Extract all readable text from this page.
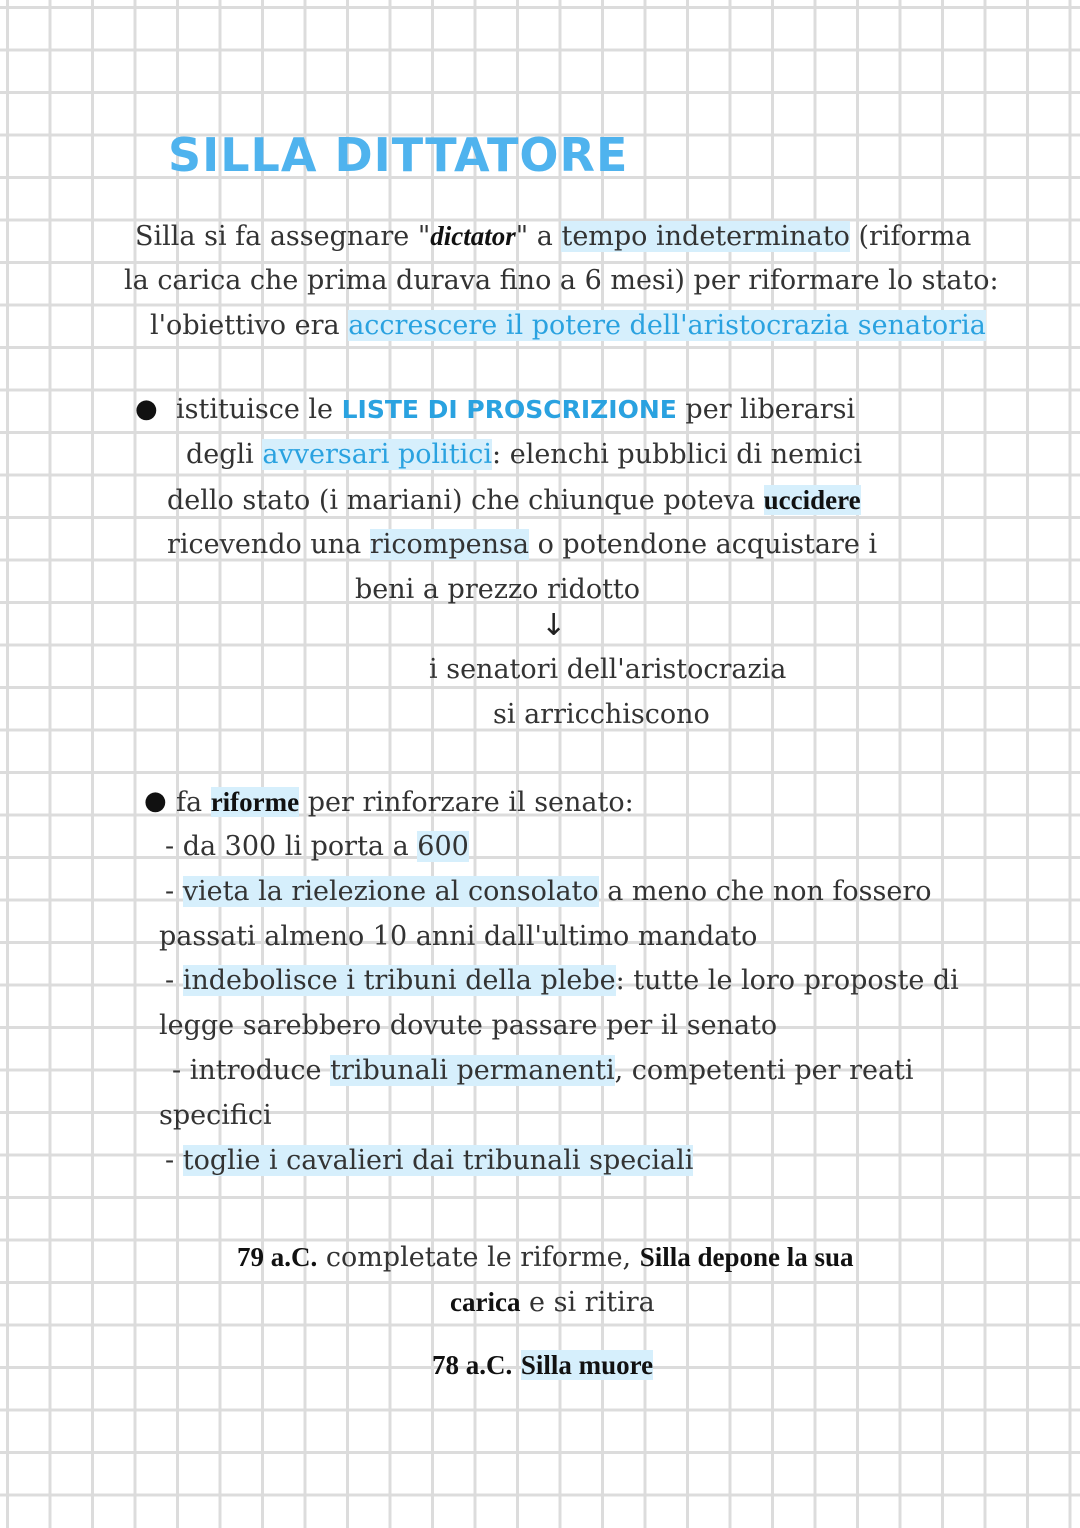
SILLA DITTATORE
Silla si fa assegnare "dictator" a tempo indeterminato (riforma
la carica che prima durava fino a 6 mesi) per riformare lo stato:
l'obiettivo era accrescere il potere dell'aristocrazia senatoria
● istituisce le LISTE DI PROSCRIZIONE per liberarsi
degli avversari politici: elenchi pubblici di nemici
dello stato (i mariani) che chiunque poteva uccidere
ricevendo una ricompensa o potendone acquistare i
beni a prezzo ridotto
↓
i senatori dell'aristocrazia
si arricchiscono
● fa riforme per rinforzare il senato:
- da 300 li porta a 600
- vieta la rielezione al consolato a meno che non fossero
passati almeno 10 anni dall'ultimo mandato
- indebolisce i tribuni della plebe: tutte le loro proposte di
legge sarebbero dovute passare per il senato
- introduce tribunali permanenti, competenti per reati
specifici
- toglie i cavalieri dai tribunali speciali
79 a.C. completate le riforme, Silla depone la sua
carica e si ritira
78 a.C. Silla muore
